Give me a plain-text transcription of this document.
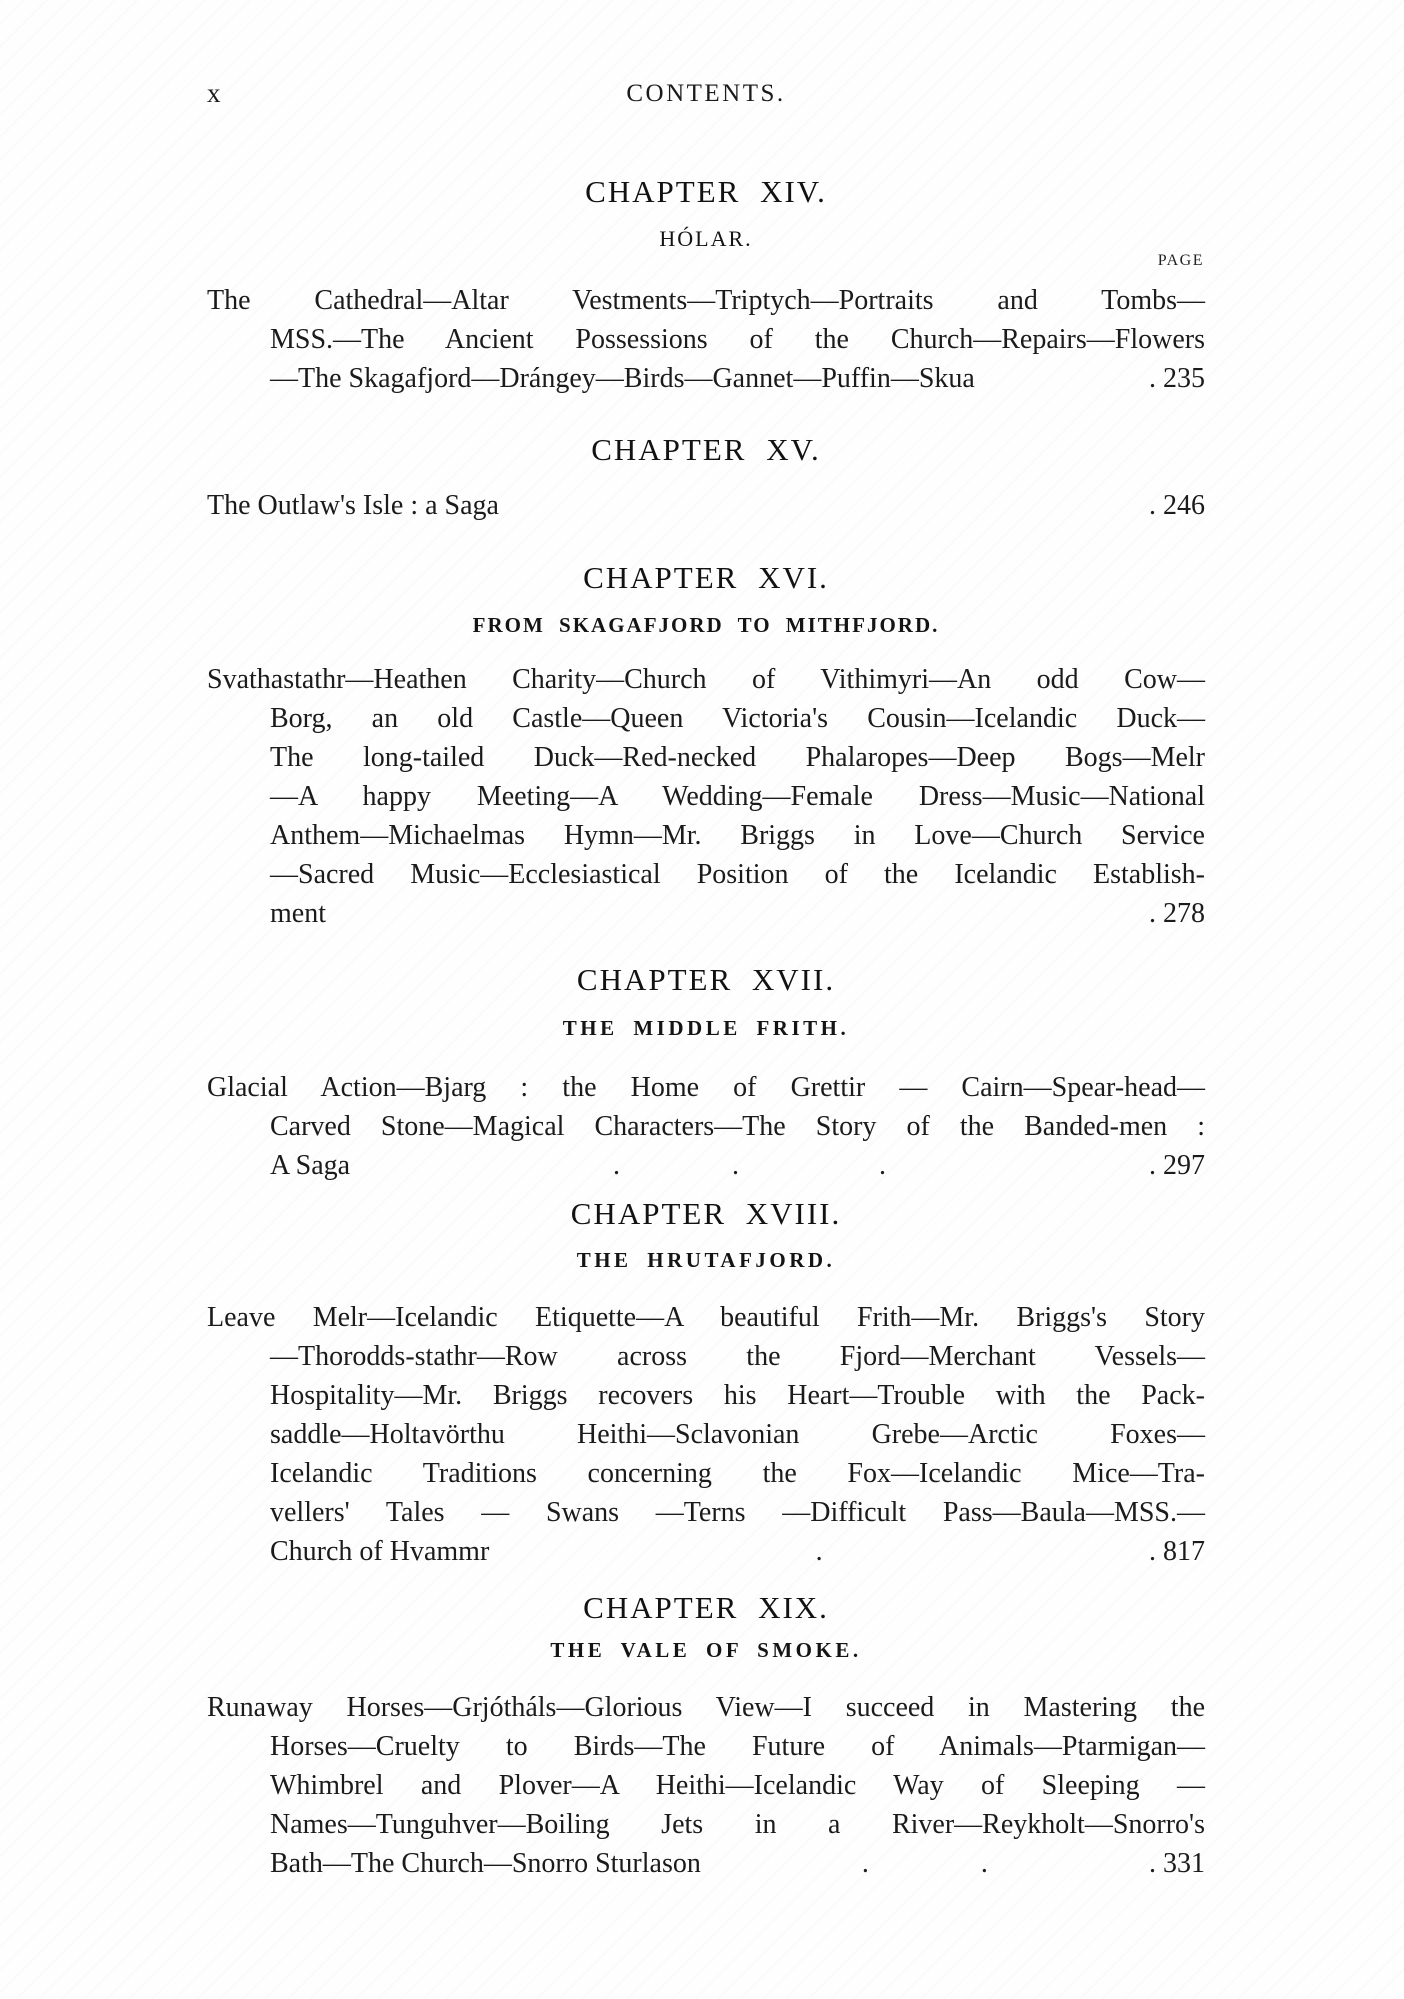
x	CONTENTS.
CHAPTER XIV.
HÓLAR.
PAGE
The Cathedral—Altar Vestments—Triptych—Portraits and Tombs—
MSS.—The Ancient Possessions of the Church—Repairs—Flowers
—The Skagafjord—Drángey—Birds—Gannet—Puffin—Skua	. 235
CHAPTER XV.
The Outlaw's Isle : a Saga	. 246
CHAPTER XVI.
FROM SKAGAFJORD TO MITHFJORD.
Svathastathr—Heathen Charity—Church of Vithimyri—An odd Cow—
Borg, an old Castle—Queen Victoria's Cousin—Icelandic Duck—
The long-tailed Duck—Red-necked Phalaropes—Deep Bogs—Melr
—A happy Meeting—A Wedding—Female Dress—Music—National
Anthem—Michaelmas Hymn—Mr. Briggs in Love—Church Service
—Sacred Music—Ecclesiastical Position of the Icelandic Establish-
ment	. 278
CHAPTER XVII.
THE MIDDLE FRITH.
Glacial Action—Bjarg : the Home of Grettir — Cairn—Spear-head—
Carved Stone—Magical Characters—The Story of the Banded-men :
A Saga	.    .     .	. 297
CHAPTER XVIII.
THE HRUTAFJORD.
Leave Melr—Icelandic Etiquette—A beautiful Frith—Mr. Briggs's Story
—Thorodds-stathr—Row across the Fjord—Merchant Vessels—
Hospitality—Mr. Briggs recovers his Heart—Trouble with the Pack-
saddle—Holtavörthu Heithi—Sclavonian Grebe—Arctic Foxes—
Icelandic Traditions concerning the Fox—Icelandic Mice—Tra-
vellers' Tales — Swans —Terns —Difficult Pass—Baula—MSS.—
Church of Hvammr	.	. 817
CHAPTER XIX.
THE VALE OF SMOKE.
Runaway Horses—Grjótháls—Glorious View—I succeed in Mastering the
Horses—Cruelty to Birds—The Future of Animals—Ptarmigan—
Whimbrel and Plover—A Heithi—Icelandic Way of Sleeping —
Names—Tunguhver—Boiling Jets in a River—Reykholt—Snorro's
Bath—The Church—Snorro Sturlason	.    .	. 331
